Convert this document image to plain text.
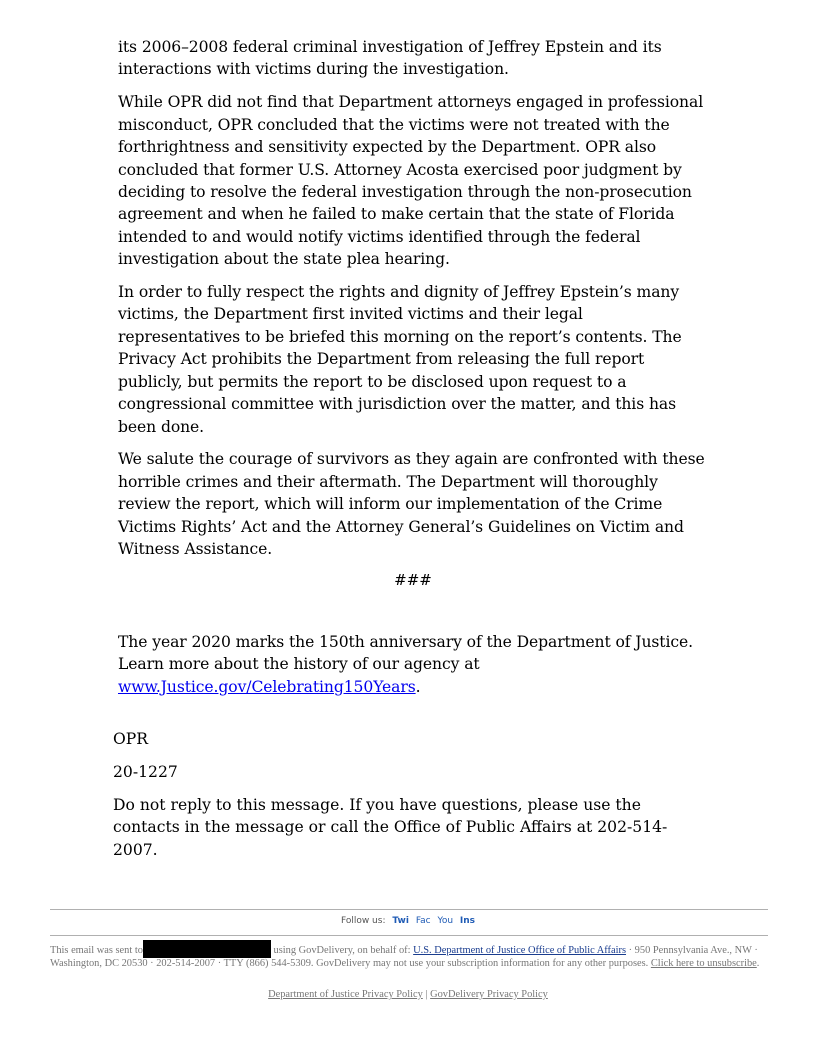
its 2006–2008 federal criminal investigation of Jeffrey Epstein and its interactions with victims during the investigation.

While OPR did not find that Department attorneys engaged in professional misconduct, OPR concluded that the victims were not treated with the forthrightness and sensitivity expected by the Department. OPR also concluded that former U.S. Attorney Acosta exercised poor judgment by deciding to resolve the federal investigation through the non-prosecution agreement and when he failed to make certain that the state of Florida intended to and would notify victims identified through the federal investigation about the state plea hearing.

In order to fully respect the rights and dignity of Jeffrey Epstein’s many victims, the Department first invited victims and their legal representatives to be briefed this morning on the report’s contents. The Privacy Act prohibits the Department from releasing the full report publicly, but permits the report to be disclosed upon request to a congressional committee with jurisdiction over the matter, and this has been done.

We salute the courage of survivors as they again are confronted with these horrible crimes and their aftermath. The Department will thoroughly review the report, which will inform our implementation of the Crime Victims Rights’ Act and the Attorney General’s Guidelines on Victim and Witness Assistance.

###

The year 2020 marks the 150th anniversary of the Department of Justice. Learn more about the history of our agency at www.Justice.gov/Celebrating150Years.

OPR

20-1227

Do not reply to this message. If you have questions, please use the contacts in the message or call the Office of Public Affairs at 202-514-2007.

Follow us: Twi Fac You Ins
This email was sent to	using GovDelivery, on behalf of: U.S. Department of Justice Office of Public Affairs · 950 Pennsylvania Ave., NW · Washington, DC 20530 · 202-514-2007 · TTY (866) 544-5309. GovDelivery may not use your subscription information for any other purposes. Click here to unsubscribe.
Department of Justice Privacy Policy | GovDelivery Privacy Policy
